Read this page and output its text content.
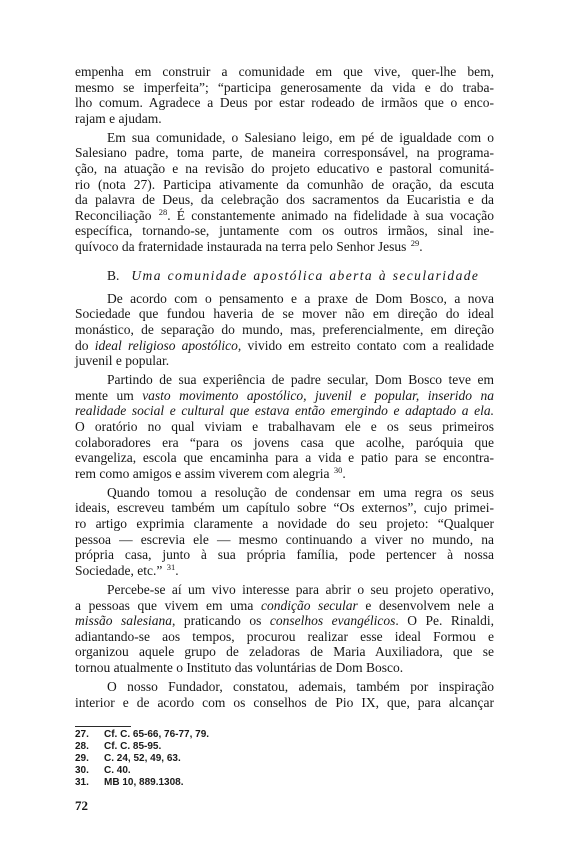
empenha em construir a comunidade em que vive, quer-lhe bem,
mesmo se imperfeita”; “participa generosamente da vida e do traba-
lho comum. Agradece a Deus por estar rodeado de irmãos que o enco-
rajam e ajudam.
Em sua comunidade, o Salesiano leigo, em pé de igualdade com o
Salesiano padre, toma parte, de maneira corresponsável, na programa-
ção, na atuação e na revisão do projeto educativo e pastoral comunitá-
rio (nota 27). Participa ativamente da comunhão de oração, da escuta
da palavra de Deus, da celebração dos sacramentos da Eucaristia e da
Reconciliação $^{28}$. É constantemente animado na fidelidade à sua vocação
específica, tornando-se, juntamente com os outros irmãos, sinal ine-
quívoco da fraternidade instaurada na terra pelo Senhor Jesus $^{29}$.
B. Uma comunidade apostólica aberta à secularidade
De acordo com o pensamento e a praxe de Dom Bosco, a nova
Sociedade que fundou haveria de se mover não em direção do ideal
monástico, de separação do mundo, mas, preferencialmente, em direção
do ideal religioso apostólico, vivido em estreito contato com a realidade
juvenil e popular.
Partindo de sua experiência de padre secular, Dom Bosco teve em
mente um vasto movimento apostólico, juvenil e popular, inserido na
realidade social e cultural que estava então emergindo e adaptado a ela.
O oratório no qual viviam e trabalhavam ele e os seus primeiros
colaboradores era “para os jovens casa que acolhe, paróquia que
evangeliza, escola que encaminha para a vida e patio para se encontra-
rem como amigos e assim viverem com alegria $^{30}$.
Quando tomou a resolução de condensar em uma regra os seus
ideais, escreveu também um capítulo sobre “Os externos”, cujo primei-
ro artigo exprimia claramente a novidade do seu projeto: “Qualquer
pessoa — escrevia ele — mesmo continuando a viver no mundo, na
própria casa, junto à sua própria família, pode pertencer à nossa
Sociedade, etc.” $^{31}$.
Percebe-se aí um vivo interesse para abrir o seu projeto operativo,
a pessoas que vivem em uma condição secular e desenvolvem nele a
missão salesiana, praticando os conselhos evangélicos. O Pe. Rinaldi,
adiantando-se aos tempos, procurou realizar esse ideal Formou e
organizou aquele grupo de zeladoras de Maria Auxiliadora, que se
tornou atualmente o Instituto das voluntárias de Dom Bosco.
O nosso Fundador, constatou, ademais, também por inspiração
interior e de acordo com os conselhos de Pio IX, que, para alcançar
27. Cf. C. 65-66, 76-77, 79.
28. Cf. C. 85-95.
29. C. 24, 52, 49, 63.
30. C. 40.
31. MB 10, 889.1308.
72
